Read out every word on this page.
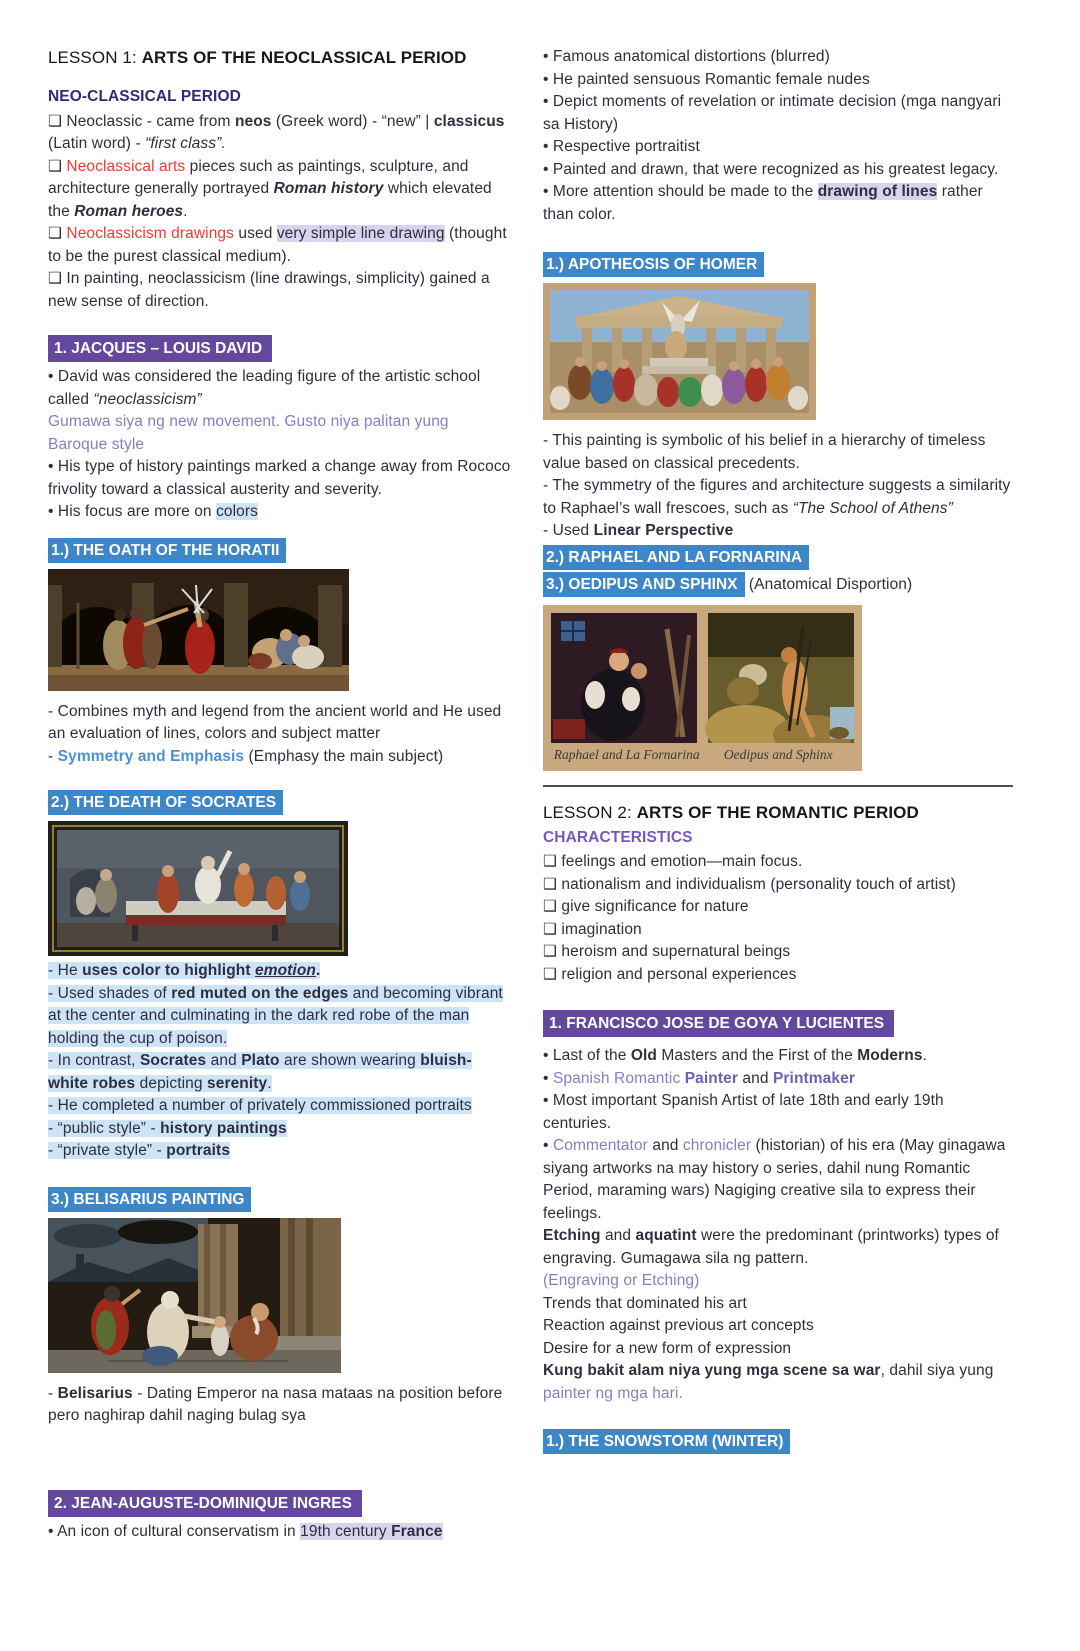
LESSON 1: ARTS OF THE NEOCLASSICAL PERIOD

NEO-CLASSICAL PERIOD

❑ Neoclassic - came from neos (Greek word) - “new” | classicus (Latin word) - “first class”.

❑ Neoclassical arts pieces such as paintings, sculpture, and architecture generally portrayed Roman history which elevated the Roman heroes.

❑ Neoclassicism drawings used very simple line drawing (thought to be the purest classical medium).

❑ In painting, neoclassicism (line drawings, simplicity) gained a new sense of direction.

1. JACQUES – LOUIS DAVID

• David was considered the leading figure of the artistic school called “neoclassicism”

Gumawa siya ng new movement. Gusto niya palitan yung Baroque style

• His type of history paintings marked a change away from Rococo frivolity toward a classical austerity and severity.

• His focus are more on colors

1.) THE OATH OF THE HORATII

- Combines myth and legend from the ancient world and He used an evaluation of lines, colors and subject matter

- Symmetry and Emphasis (Emphasy the main subject)

2.) THE DEATH OF SOCRATES

- He uses color to highlight emotion.

- Used shades of red muted on the edges and becoming vibrant at the center and culminating in the dark red robe of the man holding the cup of poison.

- In contrast, Socrates and Plato are shown wearing bluish-white robes depicting serenity.

- He completed a number of privately commissioned portraits

- “public style” - history paintings

- “private style” - portraits

3.) BELISARIUS PAINTING

- Belisarius - Dating Emperor na nasa mataas na position before pero naghirap dahil naging bulag sya

2. JEAN-AUGUSTE-DOMINIQUE INGRES

• An icon of cultural conservatism in 19th century France

• Famous anatomical distortions (blurred)

• He painted sensuous Romantic female nudes

• Depict moments of revelation or intimate decision (mga nangyari sa History)

• Respective portraitist

• Painted and drawn, that were recognized as his greatest legacy.

• More attention should be made to the drawing of lines rather than color.

1.) APOTHEOSIS OF HOMER

- This painting is symbolic of his belief in a hierarchy of timeless value based on classical precedents.

- The symmetry of the figures and architecture suggests a similarity to Raphael’s wall frescoes, such as “The School of Athens”

- Used Linear Perspective

2.) RAPHAEL AND LA FORNARINA
3.) OEDIPUS AND SPHINX (Anatomical Disportion)
Raphael and La Fornarina	Oedipus and Sphinx

LESSON 2: ARTS OF THE ROMANTIC PERIOD

CHARACTERISTICS

❑ feelings and emotion—main focus.

❑ nationalism and individualism (personality touch of artist)

❑ give significance for nature

❑ imagination

❑ heroism and supernatural beings

❑ religion and personal experiences

1. FRANCISCO JOSE DE GOYA Y LUCIENTES

• Last of the Old Masters and the First of the Moderns.

• Spanish Romantic Painter and Printmaker

• Most important Spanish Artist of late 18th and early 19th centuries.

• Commentator and chronicler (historian) of his era (May ginagawa siyang artworks na may history o series, dahil nung Romantic Period, maraming wars) Nagiging creative sila to express their feelings.

Etching and aquatint were the predominant (printworks) types of engraving. Gumagawa sila ng pattern.

(Engraving or Etching)

Trends that dominated his art

Reaction against previous art concepts

Desire for a new form of expression

Kung bakit alam niya yung mga scene sa war, dahil siya yung painter ng mga hari.

1.) THE SNOWSTORM (WINTER)
